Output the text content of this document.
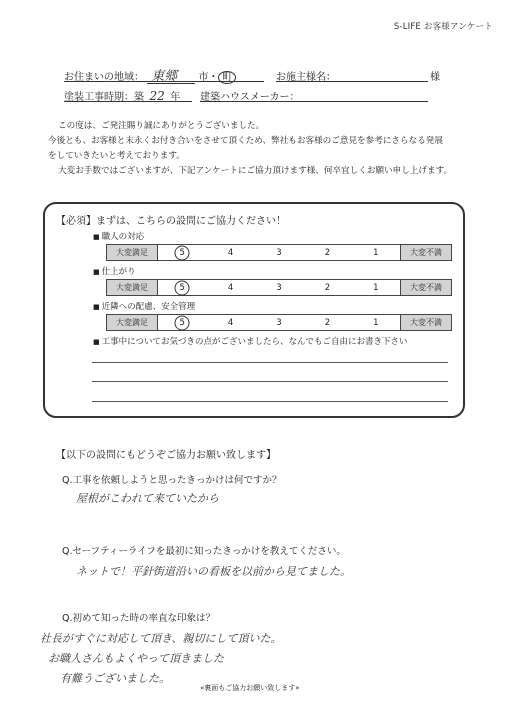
S-LIFE お客様アンケート
お住まいの地域： 東郷 市・ 町	お施主様名：	様
塗装工事時期：築 22 年 建築ハウスメーカー：

この度は、ご発注賜り誠にありがとうございました。

今後とも、お客様と末永くお付き合いをさせて頂くため、弊社もお客様のご意見を参考にさらなる発展

をしていきたいと考えております。

大変お手数ではございますが、下記アンケートにご協力頂けます様、何卒宜しくお願い申し上げます。

【必須】まずは、こちらの設問にご協力ください！
■ 職人の対応
大変満足	5	4	3	2	1	大変不満
■ 仕上がり
大変満足	5	4	3	2	1	大変不満
■ 近隣への配慮、安全管理
大変満足	5	4	3	2	1	大変不満
■ 工事中についてお気づきの点がございましたら、なんでもご自由にお書き下さい
【以下の設問にもどうぞご協力お願い致します】
Q.工事を依頼しようと思ったきっかけは何ですか？
屋根がこわれて来ていたから
Q.セーフティーライフを最初に知ったきっかけを教えてください。
ネットで！平針街道沿いの看板を以前から見てました。
Q.初めて知った時の率直な印象は？
社長がすぐに対応して頂き、親切にして頂いた。
お職人さんもよくやって頂きました
有難うございました。
«裏面もご協力お願い致します»
